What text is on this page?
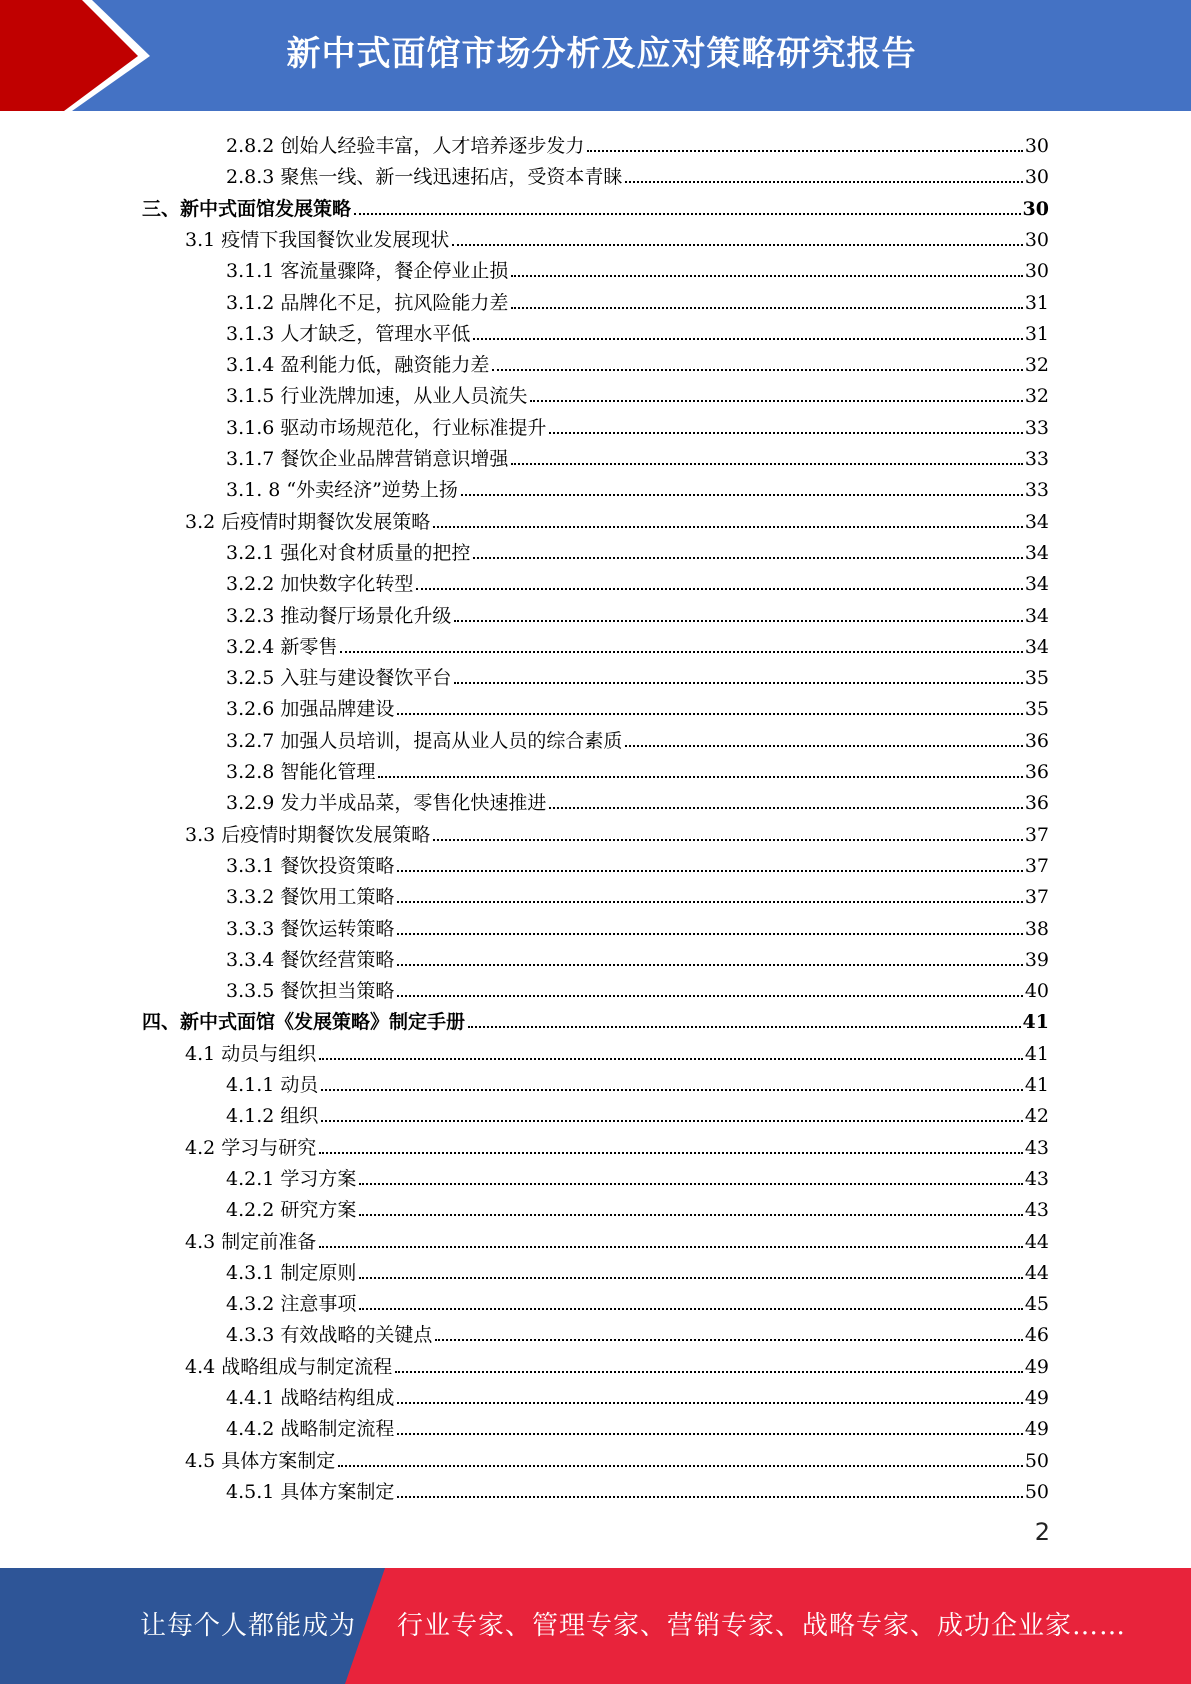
新中式面馆市场分析及应对策略研究报告
2.8.2 创始人经验丰富，人才培养逐步发力	30
2.8.3 聚焦一线、新一线迅速拓店，受资本青睐	30
三、新中式面馆发展策略	30
3.1 疫情下我国餐饮业发展现状	30
3.1.1 客流量骤降，餐企停业止损	30
3.1.2 品牌化不足，抗风险能力差	31
3.1.3 人才缺乏，管理水平低	31
3.1.4 盈利能力低，融资能力差	32
3.1.5 行业洗牌加速，从业人员流失	32
3.1.6 驱动市场规范化，行业标准提升	33
3.1.7 餐饮企业品牌营销意识增强	33
3.1. 8 “外卖经济”逆势上扬	33
3.2 后疫情时期餐饮发展策略	34
3.2.1 强化对食材质量的把控	34
3.2.2 加快数字化转型	34
3.2.3 推动餐厅场景化升级	34
3.2.4 新零售	34
3.2.5 入驻与建设餐饮平台	35
3.2.6 加强品牌建设	35
3.2.7 加强人员培训，提高从业人员的综合素质	36
3.2.8 智能化管理	36
3.2.9 发力半成品菜，零售化快速推进	36
3.3 后疫情时期餐饮发展策略	37
3.3.1 餐饮投资策略	37
3.3.2 餐饮用工策略	37
3.3.3 餐饮运转策略	38
3.3.4 餐饮经营策略	39
3.3.5 餐饮担当策略	40
四、新中式面馆《发展策略》制定手册	41
4.1 动员与组织	41
4.1.1 动员	41
4.1.2 组织	42
4.2 学习与研究	43
4.2.1 学习方案	43
4.2.2 研究方案	43
4.3 制定前准备	44
4.3.1 制定原则	44
4.3.2 注意事项	45
4.3.3 有效战略的关键点	46
4.4 战略组成与制定流程	49
4.4.1 战略结构组成	49
4.4.2 战略制定流程	49
4.5 具体方案制定	50
4.5.1 具体方案制定	50
2
让每个人都能成为 行业专家、管理专家、营销专家、战略专家、成功企业家……
